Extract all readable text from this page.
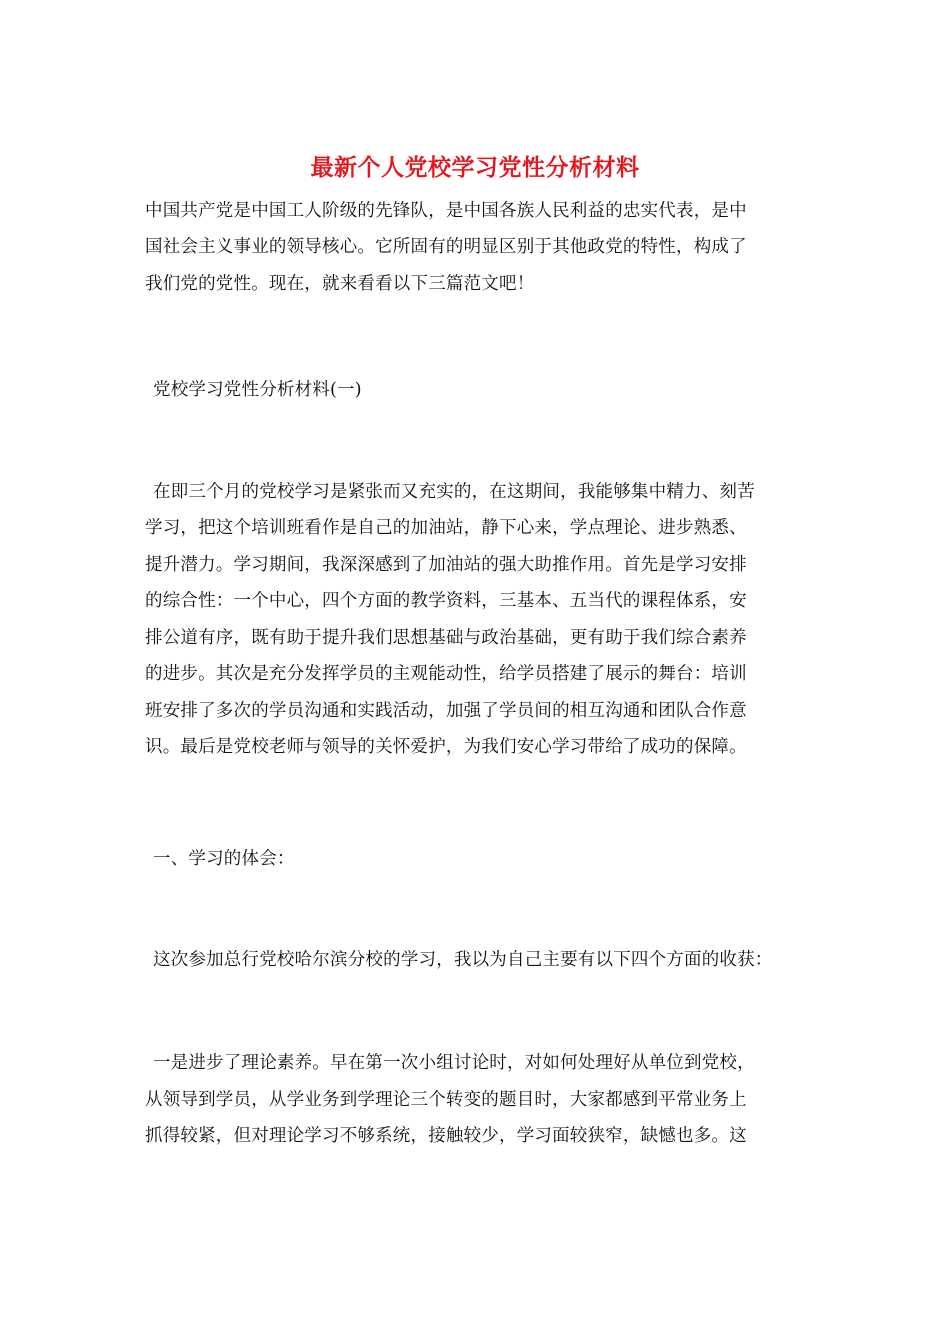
最新个人党校学习党性分析材料
中国共产党是中国工人阶级的先锋队，是中国各族人民利益的忠实代表，是中
国社会主义事业的领导核心。它所固有的明显区别于其他政党的特性，构成了
我们党的党性。现在，就来看看以下三篇范文吧！
党校学习党性分析材料(一)
在即三个月的党校学习是紧张而又充实的，在这期间，我能够集中精力、刻苦
学习，把这个培训班看作是自己的加油站，静下心来，学点理论、进步熟悉、
提升潜力。学习期间，我深深感到了加油站的强大助推作用。首先是学习安排
的综合性：一个中心，四个方面的教学资料，三基本、五当代的课程体系，安
排公道有序，既有助于提升我们思想基础与政治基础，更有助于我们综合素养
的进步。其次是充分发挥学员的主观能动性，给学员搭建了展示的舞台：培训
班安排了多次的学员沟通和实践活动，加强了学员间的相互沟通和团队合作意
识。最后是党校老师与领导的关怀爱护，为我们安心学习带给了成功的保障。
一、学习的体会：
这次参加总行党校哈尔滨分校的学习，我以为自己主要有以下四个方面的收获：
一是进步了理论素养。早在第一次小组讨论时，对如何处理好从单位到党校，
从领导到学员，从学业务到学理论三个转变的题目时，大家都感到平常业务上
抓得较紧，但对理论学习不够系统，接触较少，学习面较狭窄，缺憾也多。这
